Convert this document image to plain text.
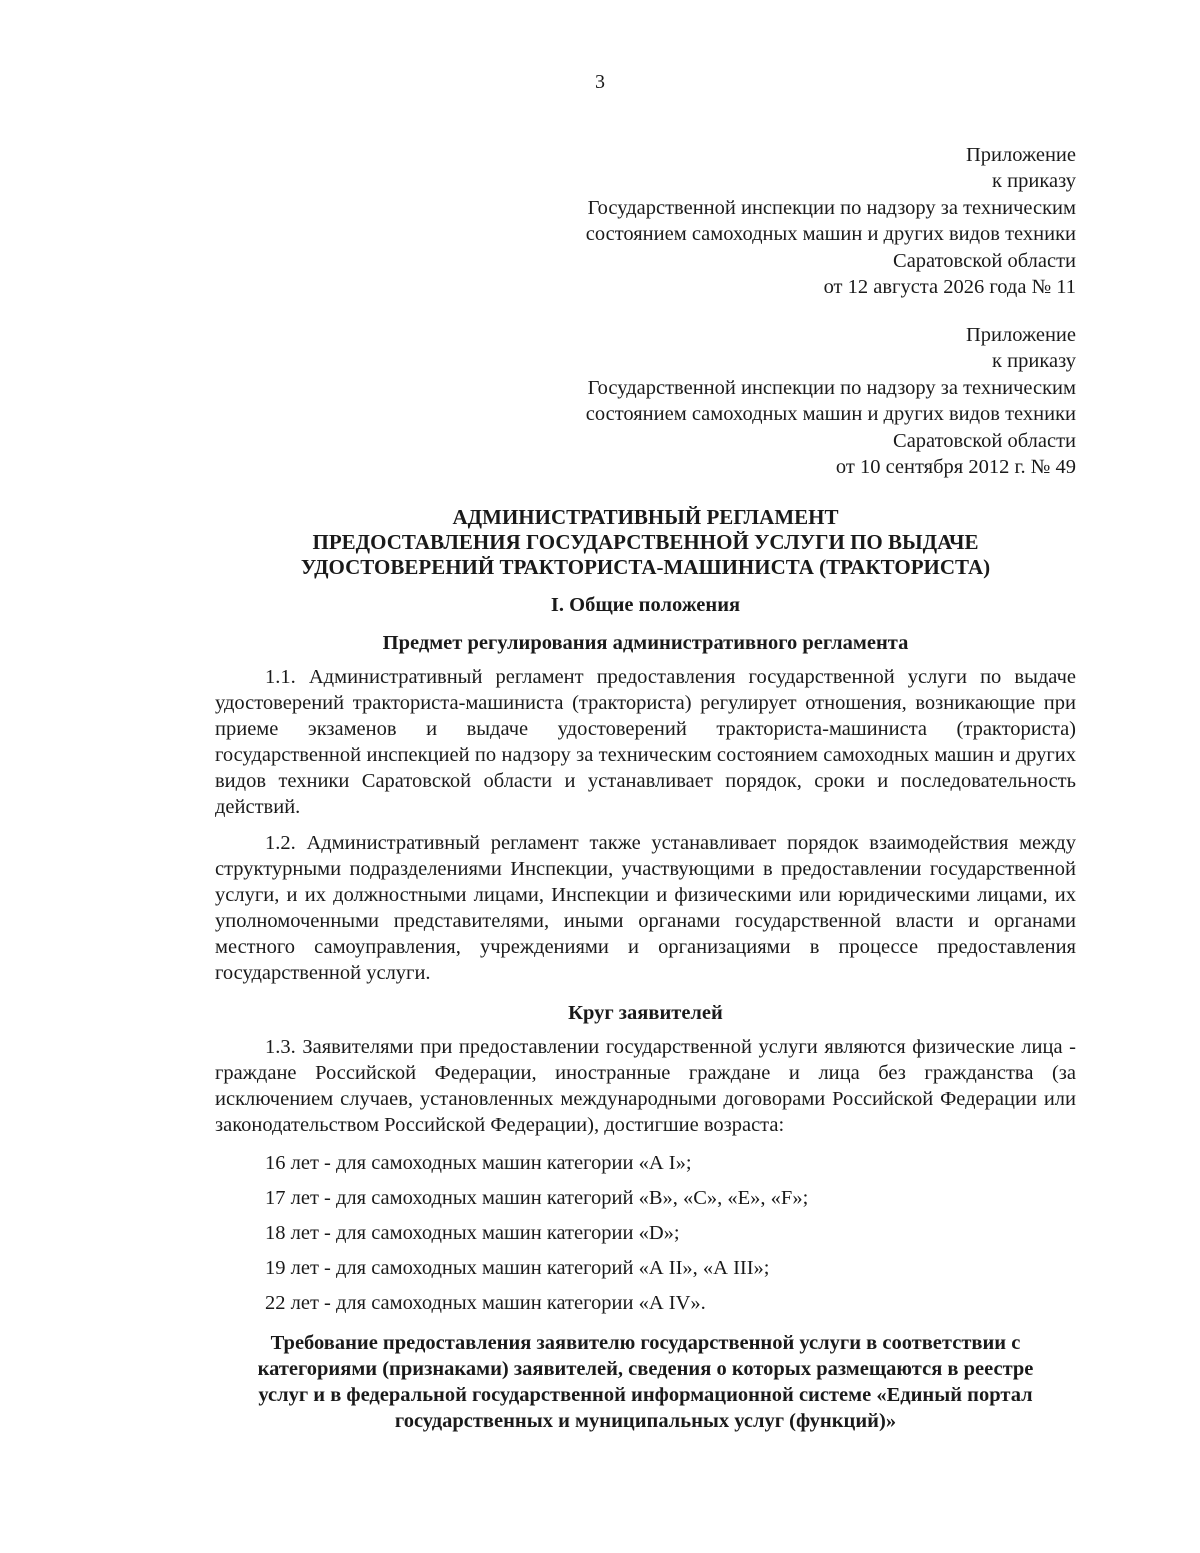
3
Приложение
к приказу
Государственной инспекции по надзору за техническим
состоянием самоходных машин и других видов техники
Саратовской области
от 12 августа 2026 года № 11
Приложение
к приказу
Государственной инспекции по надзору за техническим
состоянием самоходных машин и других видов техники
Саратовской области
от 10 сентября 2012 г. № 49
АДМИНИСТРАТИВНЫЙ РЕГЛАМЕНТ
ПРЕДОСТАВЛЕНИЯ ГОСУДАРСТВЕННОЙ УСЛУГИ ПО ВЫДАЧЕ
УДОСТОВЕРЕНИЙ ТРАКТОРИСТА-МАШИНИСТА (ТРАКТОРИСТА)
I. Общие положения
Предмет регулирования административного регламента

1.1. Административный регламент предоставления государственной услуги по выдаче удостоверений тракториста-машиниста (тракториста) регулирует отношения, возникающие при приеме экзаменов и выдаче удостоверений тракториста-машиниста (тракториста) государственной инспекцией по надзору за техническим состоянием самоходных машин и других видов техники Саратовской области и устанавливает порядок, сроки и последовательность действий.

1.2. Административный регламент также устанавливает порядок взаимодействия между структурными подразделениями Инспекции, участвующими в предоставлении государственной услуги, и их должностными лицами, Инспекции и физическими или юридическими лицами, их уполномоченными представителями, иными органами государственной власти и органами местного самоуправления, учреждениями и организациями в процессе предоставления государственной услуги.

Круг заявителей

1.3. Заявителями при предоставлении государственной услуги являются физические лица - граждане Российской Федерации, иностранные граждане и лица без гражданства (за исключением случаев, установленных международными договорами Российской Федерации или законодательством Российской Федерации), достигшие возраста:

16 лет - для самоходных машин категории «А I»;

17 лет - для самоходных машин категорий «В», «С», «Е», «F»;

18 лет - для самоходных машин категории «D»;

19 лет - для самоходных машин категорий «А II», «А III»;

22 лет - для самоходных машин категории «А IV».

Требование предоставления заявителю государственной услуги в соответствии с
категориями (признаками) заявителей, сведения о которых размещаются в реестре
услуг и в федеральной государственной информационной системе «Единый портал
государственных и муниципальных услуг (функций)»
